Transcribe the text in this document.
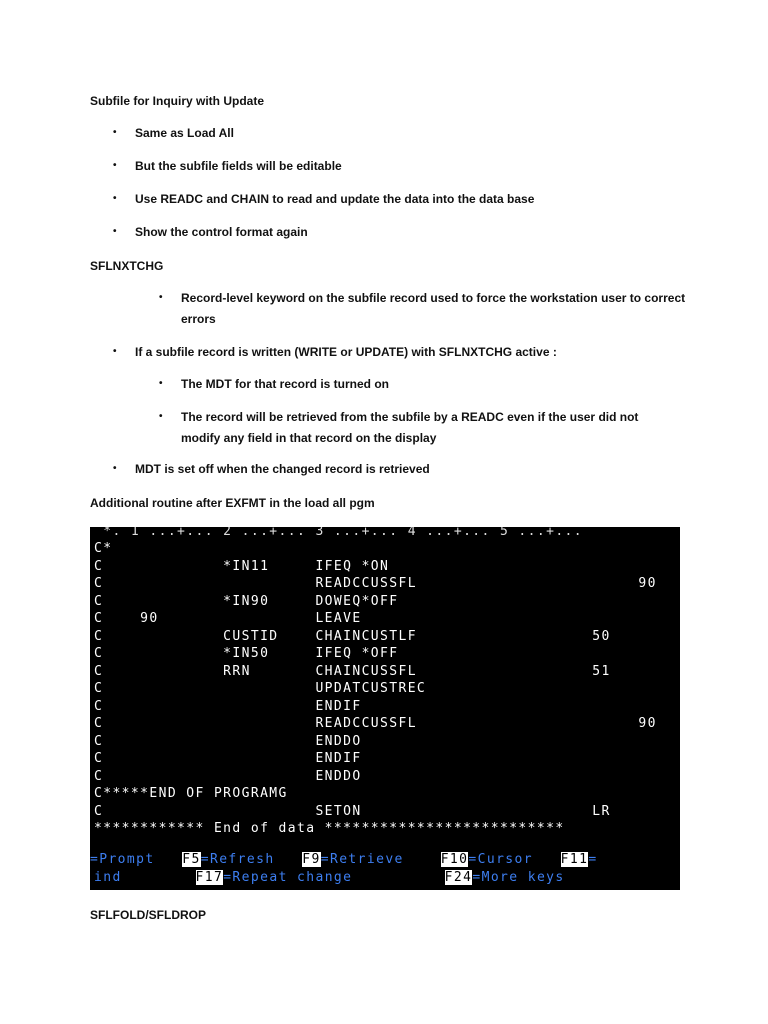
Subfile for Inquiry with Update
• Same as Load All
• But the subfile fields will be editable
• Use READC and CHAIN to read and update the data into the data base
• Show the control format again
SFLNXTCHG
• Record-level keyword on the subfile record used to force the workstation user to correct
errors
• If a subfile record is written (WRITE or UPDATE) with SFLNXTCHG active :
• The MDT for that record is turned on
• The record will be retrieved from the subfile by a READC even if the user did not
modify any field in that record on the display
• MDT is set off when the changed record is retrieved
Additional routine after EXFMT in the load all pgm
*. 1 ...+... 2 ...+... 3 ...+... 4 ...+... 5 ...+...
C*
C             *IN11     IFEQ *ON
C                       READCCUSSFL                        90
C             *IN90     DOWEQ*OFF
C    90                 LEAVE
C             CUSTID    CHAINCUSTLF                   50
C             *IN50     IFEQ *OFF
C             RRN       CHAINCUSSFL                   51
C                       UPDATCUSTREC
C                       ENDIF
C                       READCCUSSFL                        90
C                       ENDDO
C                       ENDIF
C                       ENDDO
C*****END OF PROGRAMG
C                       SETON                         LR
************ End of data **************************
=Prompt F5=Refresh F9=Retrieve	F10=Cursor F11=
ind	F17=Repeat change	F24=More keys
SFLFOLD/SFLDROP
